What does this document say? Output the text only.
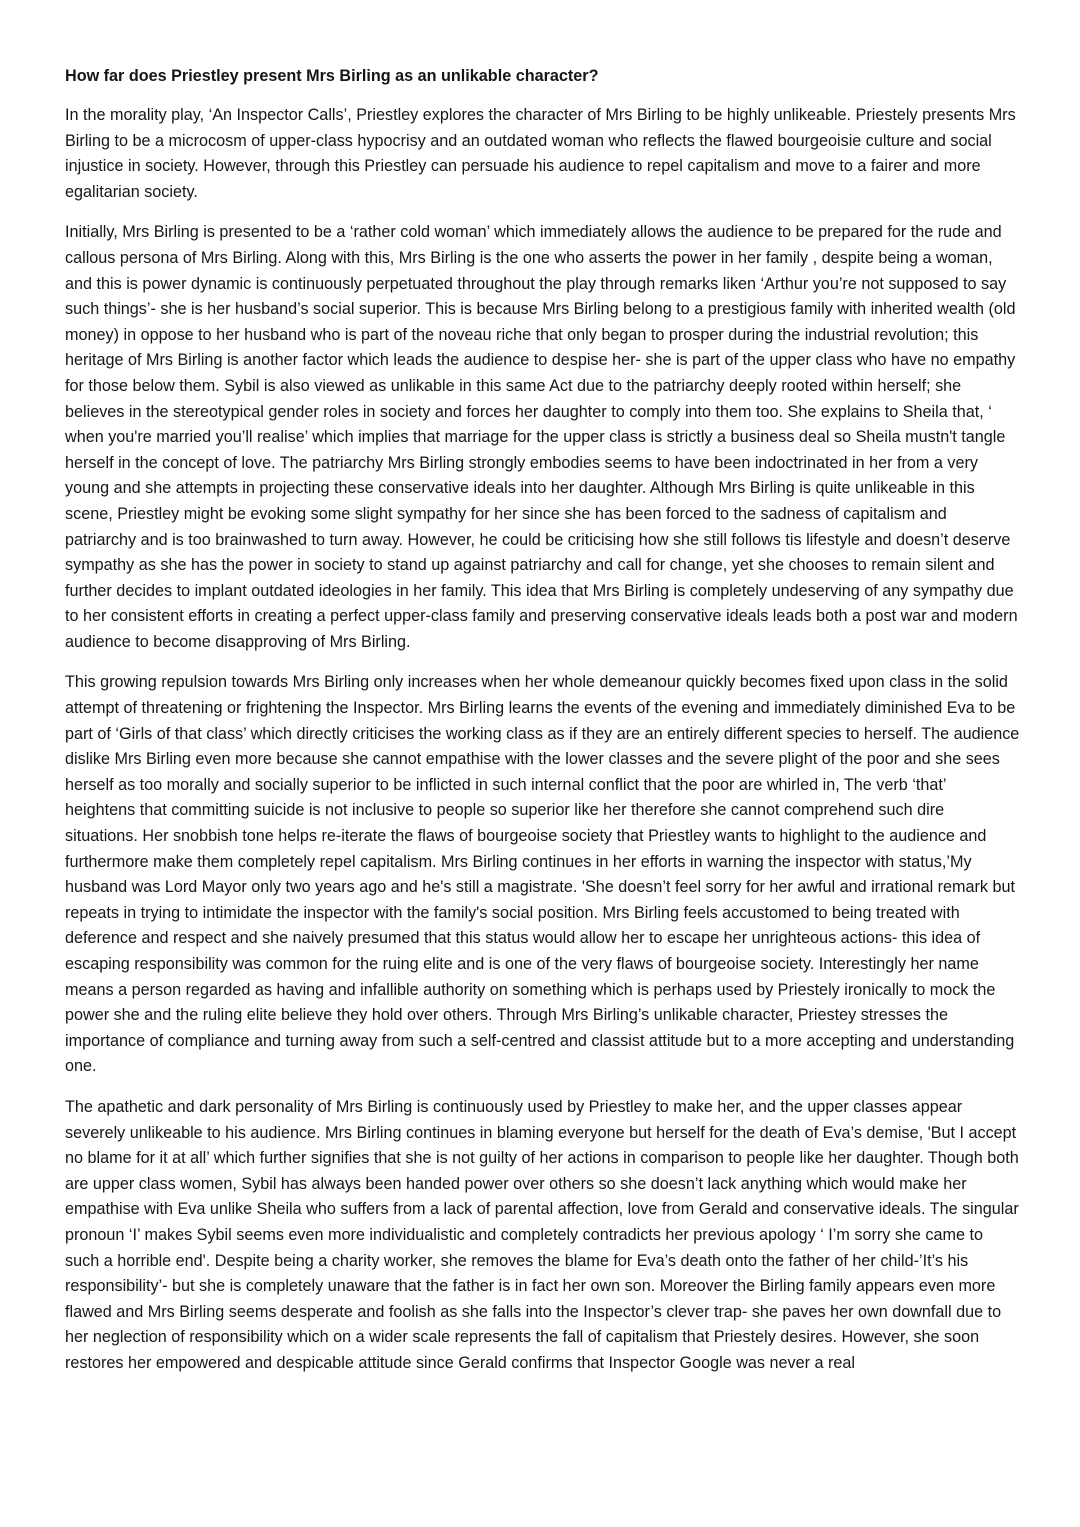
How far does Priestley present Mrs Birling as an unlikable character?

In the morality play, ‘An Inspector Calls’, Priestley explores the character of Mrs Birling to be highly unlikeable. Priestely presents Mrs Birling to be a microcosm of upper-class hypocrisy and an outdated woman who reflects the flawed bourgeoisie culture and social injustice in society. However, through this Priestley can persuade his audience to repel capitalism and move to a fairer and more egalitarian society.

Initially, Mrs Birling is presented to be a ‘rather cold woman’ which immediately allows the audience to be prepared for the rude and callous persona of Mrs Birling. Along with this, Mrs Birling is the one who asserts the power in her family , despite being a woman, and this is power dynamic is continuously perpetuated throughout the play through remarks liken ‘Arthur you’re not supposed to say such things’- she is her husband’s social superior. This is because Mrs Birling belong to a prestigious family with inherited wealth (old money) in oppose to her husband who is part of the noveau riche that only began to prosper during the industrial revolution; this heritage of Mrs Birling is another factor which leads the audience to despise her- she is part of the upper class who have no empathy for those below them. Sybil is also viewed as unlikable in this same Act due to the patriarchy deeply rooted within herself; she believes in the stereotypical gender roles in society and forces her daughter to comply into them too. She explains to Sheila that, ‘ when you're married you’ll realise’ which implies that marriage for the upper class is strictly a business deal so Sheila mustn't tangle herself in the concept of love. The patriarchy Mrs Birling strongly embodies seems to have been indoctrinated in her from a very young and she attempts in projecting these conservative ideals into her daughter. Although Mrs Birling is quite unlikeable in this scene, Priestley might be evoking some slight sympathy for her since she has been forced to the sadness of capitalism and patriarchy and is too brainwashed to turn away. However, he could be criticising how she still follows tis lifestyle and doesn’t deserve sympathy as she has the power in society to stand up against patriarchy and call for change, yet she chooses to remain silent and further decides to implant outdated ideologies in her family. This idea that Mrs Birling is completely undeserving of any sympathy due to her consistent efforts in creating a perfect upper-class family and preserving conservative ideals leads both a post war and modern audience to become disapproving of Mrs Birling.

This growing repulsion towards Mrs Birling only increases when her whole demeanour quickly becomes fixed upon class in the solid attempt of threatening or frightening the Inspector. Mrs Birling learns the events of the evening and immediately diminished Eva to be part of ‘Girls of that class’ which directly criticises the working class as if they are an entirely different species to herself. The audience dislike Mrs Birling even more because she cannot empathise with the lower classes and the severe plight of the poor and she sees herself as too morally and socially superior to be inflicted in such internal conflict that the poor are whirled in, The verb ‘that’ heightens that committing suicide is not inclusive to people so superior like her therefore she cannot comprehend such dire situations. Her snobbish tone helps re-iterate the flaws of bourgeoise society that Priestley wants to highlight to the audience and furthermore make them completely repel capitalism. Mrs Birling continues in her efforts in warning the inspector with status,’My husband was Lord Mayor only two years ago and he's still a magistrate. 'She doesn’t feel sorry for her awful and irrational remark but repeats in trying to intimidate the inspector with the family's social position. Mrs Birling feels accustomed to being treated with deference and respect and she naively presumed that this status would allow her to escape her unrighteous actions- this idea of escaping responsibility was common for the ruing elite and is one of the very flaws of bourgeoise society. Interestingly her name means a person regarded as having and infallible authority on something which is perhaps used by Priestely ironically to mock the power she and the ruling elite believe they hold over others. Through Mrs Birling’s unlikable character, Priestey stresses the importance of compliance and turning away from such a self-centred and classist attitude but to a more accepting and understanding one.

The apathetic and dark personality of Mrs Birling is continuously used by Priestley to make her, and the upper classes appear severely unlikeable to his audience. Mrs Birling continues in blaming everyone but herself for the death of Eva’s demise, 'But I accept no blame for it at all’ which further signifies that she is not guilty of her actions in comparison to people like her daughter. Though both are upper class women, Sybil has always been handed power over others so she doesn’t lack anything which would make her empathise with Eva unlike Sheila who suffers from a lack of parental affection, love from Gerald and conservative ideals. The singular pronoun ‘I’ makes Sybil seems even more individualistic and completely contradicts her previous apology ‘ I’m sorry she came to such a horrible end'. Despite being a charity worker, she removes the blame for Eva’s death onto the father of her child-’It’s his responsibility’- but she is completely unaware that the father is in fact her own son. Moreover the Birling family appears even more flawed and Mrs Birling seems desperate and foolish as she falls into the Inspector’s clever trap- she paves her own downfall due to her neglection of responsibility which on a wider scale represents the fall of capitalism that Priestely desires. However, she soon restores her empowered and despicable attitude since Gerald confirms that Inspector Google was never a real
